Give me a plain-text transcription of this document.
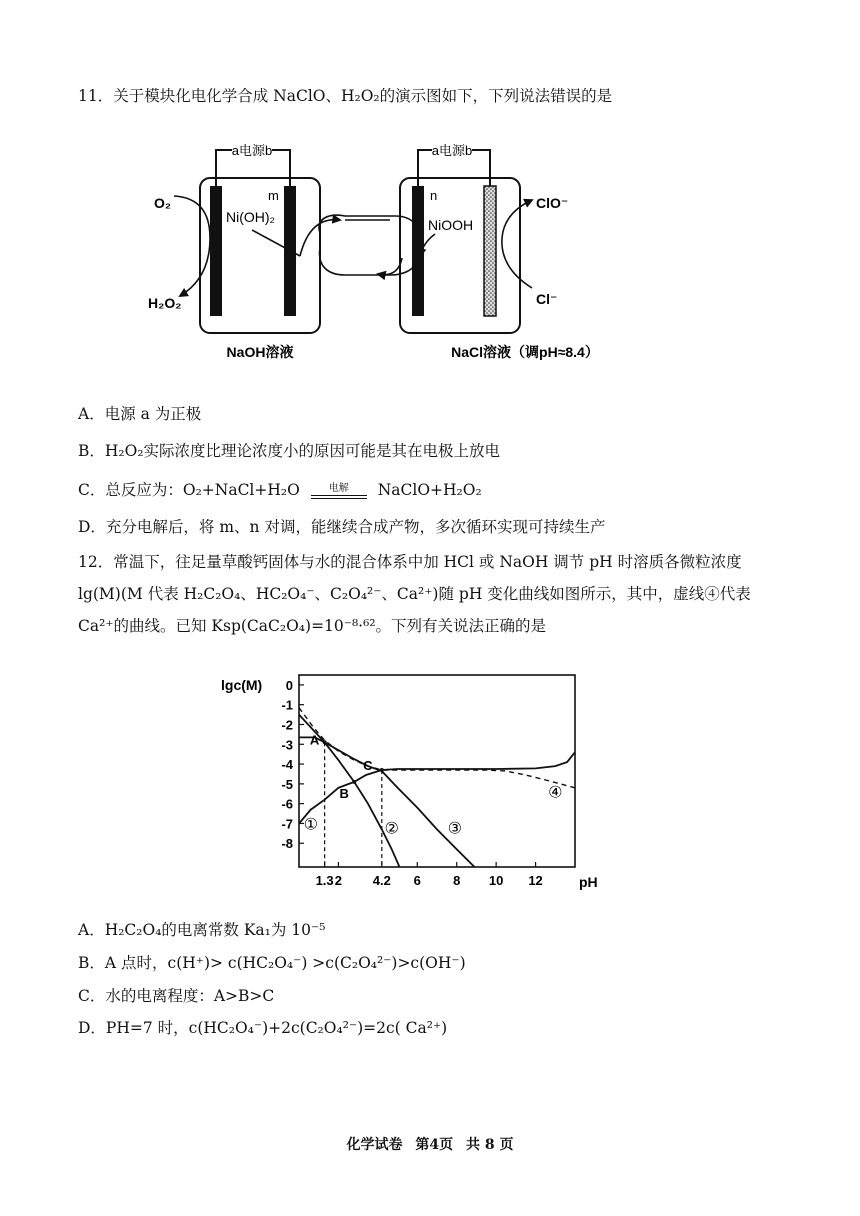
11．关于模块化电化学合成 NaClO、H₂O₂的演示图如下，下列说法错误的是
a电源b
O₂
H₂O₂
m
Ni(OH)₂
a电源b
n
NiOOH
ClO⁻
Cl⁻
NaOH溶液	NaCl溶液（调pH≈8.4）
A．电源 a 为正极
B．H₂O₂实际浓度比理论浓度小的原因可能是其在电极上放电
C．总反应为：O₂+NaCl+H₂O	电解	NaClO+H₂O₂
D．充分电解后，将 m、n 对调，能继续合成产物，多次循环实现可持续生产
12．常温下，往足量草酸钙固体与水的混合体系中加 HCl 或 NaOH 调节 pH 时溶质各微粒浓度
lg(M)(M 代表 H₂C₂O₄、HC₂O₄⁻、C₂O₄²⁻、Ca²⁺)随 pH 变化曲线如图所示，其中，虚线④代表
Ca²⁺的曲线。已知 Ksp(CaC₂O₄)=10⁻⁸·⁶²。下列有关说法正确的是
lgc(M) 0
-1
-2
-3
-4
-5
-6
-7
-8
1.3 2 4.2 6 8 10 12	pH
A
B
C
①	②	③
④
A．H₂C₂O₄的电离常数 Ka₁为 10⁻⁵
B．A 点时，c(H⁺)> c(HC₂O₄⁻) >c(C₂O₄²⁻)>c(OH⁻)
C．水的电离程度：A>B>C
D．PH=7 时，c(HC₂O₄⁻)+2c(C₂O₄²⁻)=2c( Ca²⁺)
化学试卷 第4页 共 8 页
